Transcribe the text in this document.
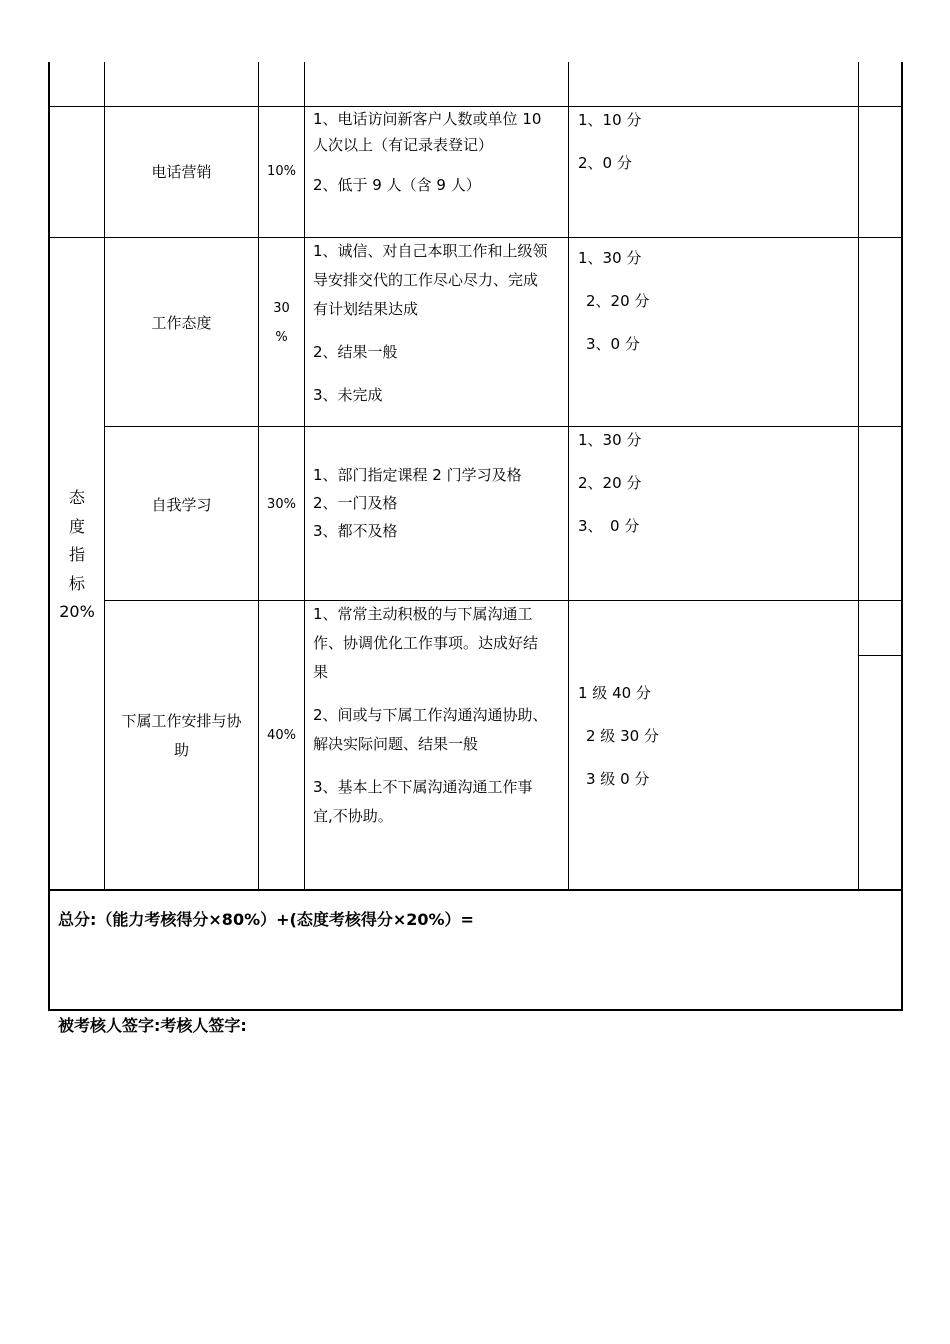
电话营销	10%

1、电话访问新客户人数或单位 10

人次以上（有记录表登记）

2、低于 9 人（含 9 人）

1、10 分

2、0 分

态
度
指
标
20%
工作态度
30
%

1、诚信、对自己本职工作和上级领

导安排交代的工作尽心尽力、完成

有计划结果达成

2、结果一般

3、未完成

1、30 分

2、20 分

3、0 分

自我学习	30%

1、部门指定课程 2 门学习及格

2、一门及格

3、都不及格

1、30 分

2、20 分

3、　0 分

下属工作安排与协
助
40%

1、常常主动积极的与下属沟通工

作、协调优化工作事项。达成好结

果

2、间或与下属工作沟通沟通协助、

解决实际问题、结果一般

3、基本上不下属沟通沟通工作事

宜,不协助。

1 级 40 分

2 级 30 分

3 级 0 分

总分:（能力考核得分×80%）+(态度考核得分×20%）=
被考核人签字:考核人签字:
